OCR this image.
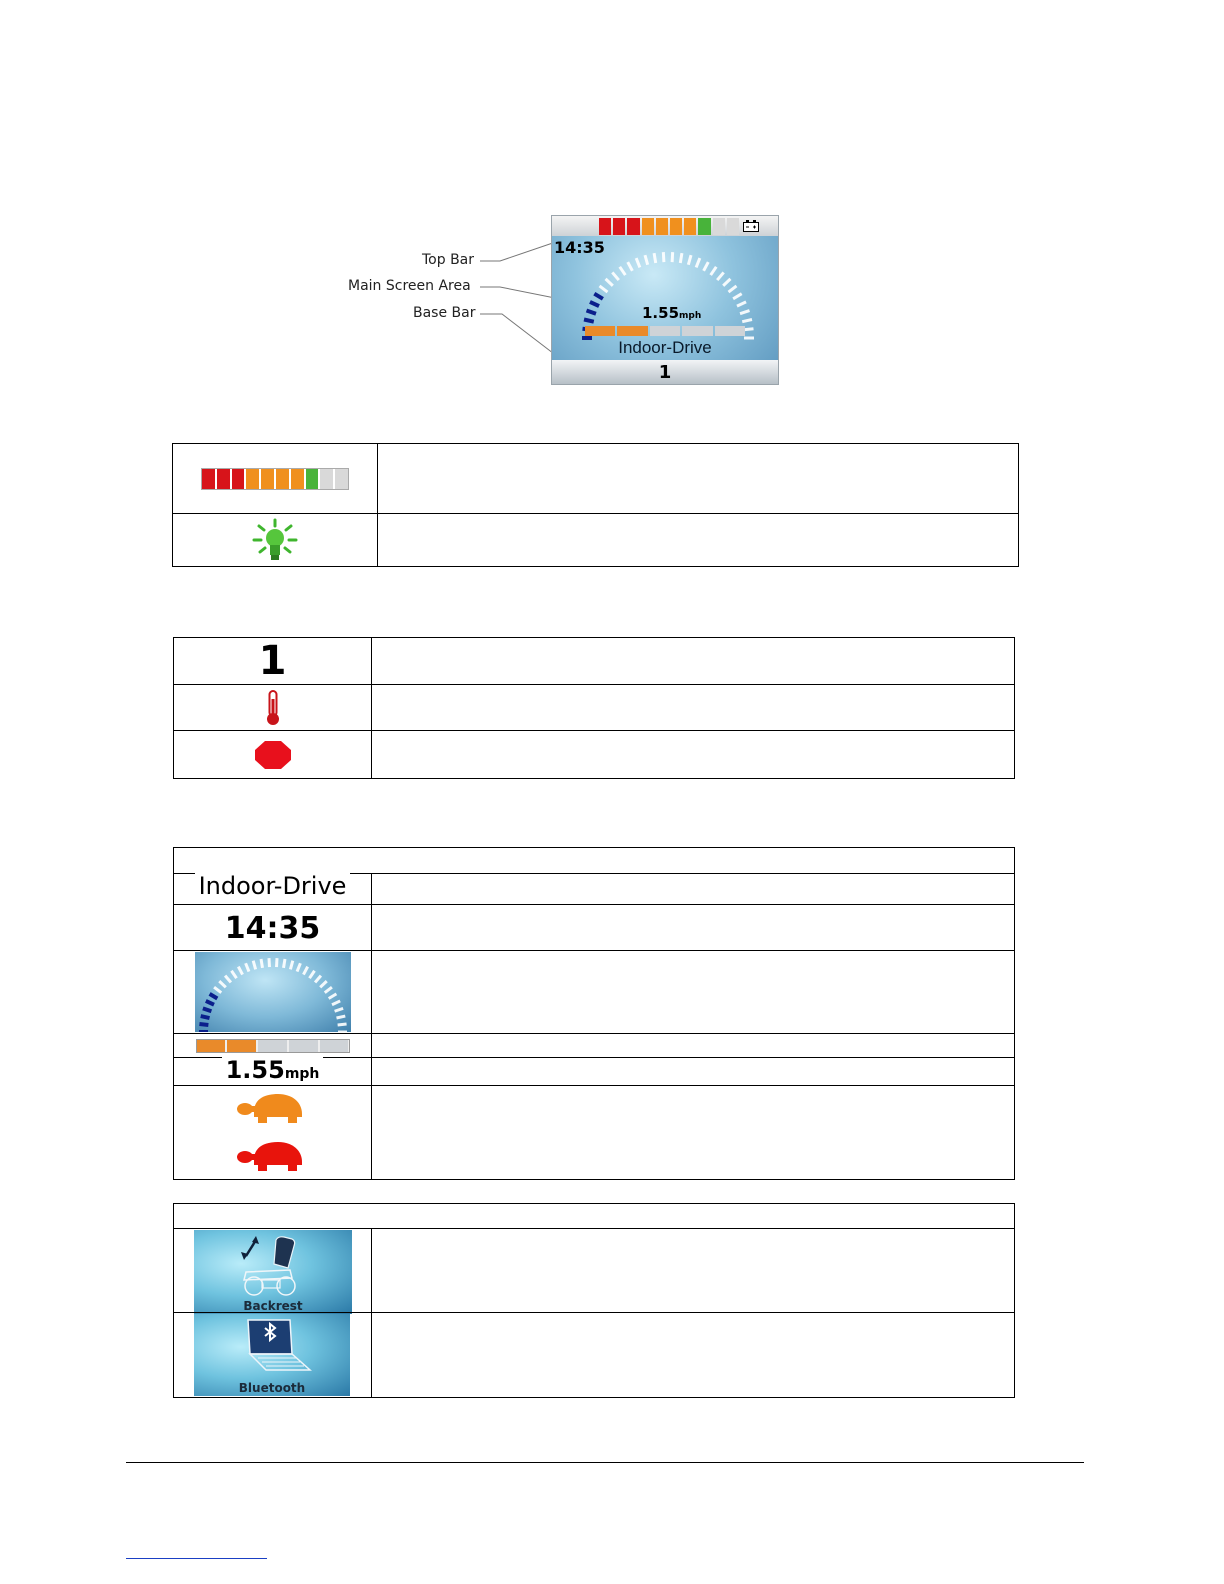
Top Bar
Main Screen Area
Base Bar
14:35
1.55mph
Indoor-Drive
1
1
Indoor-Drive
14:35
1.55mph
Backrest
Bluetooth
